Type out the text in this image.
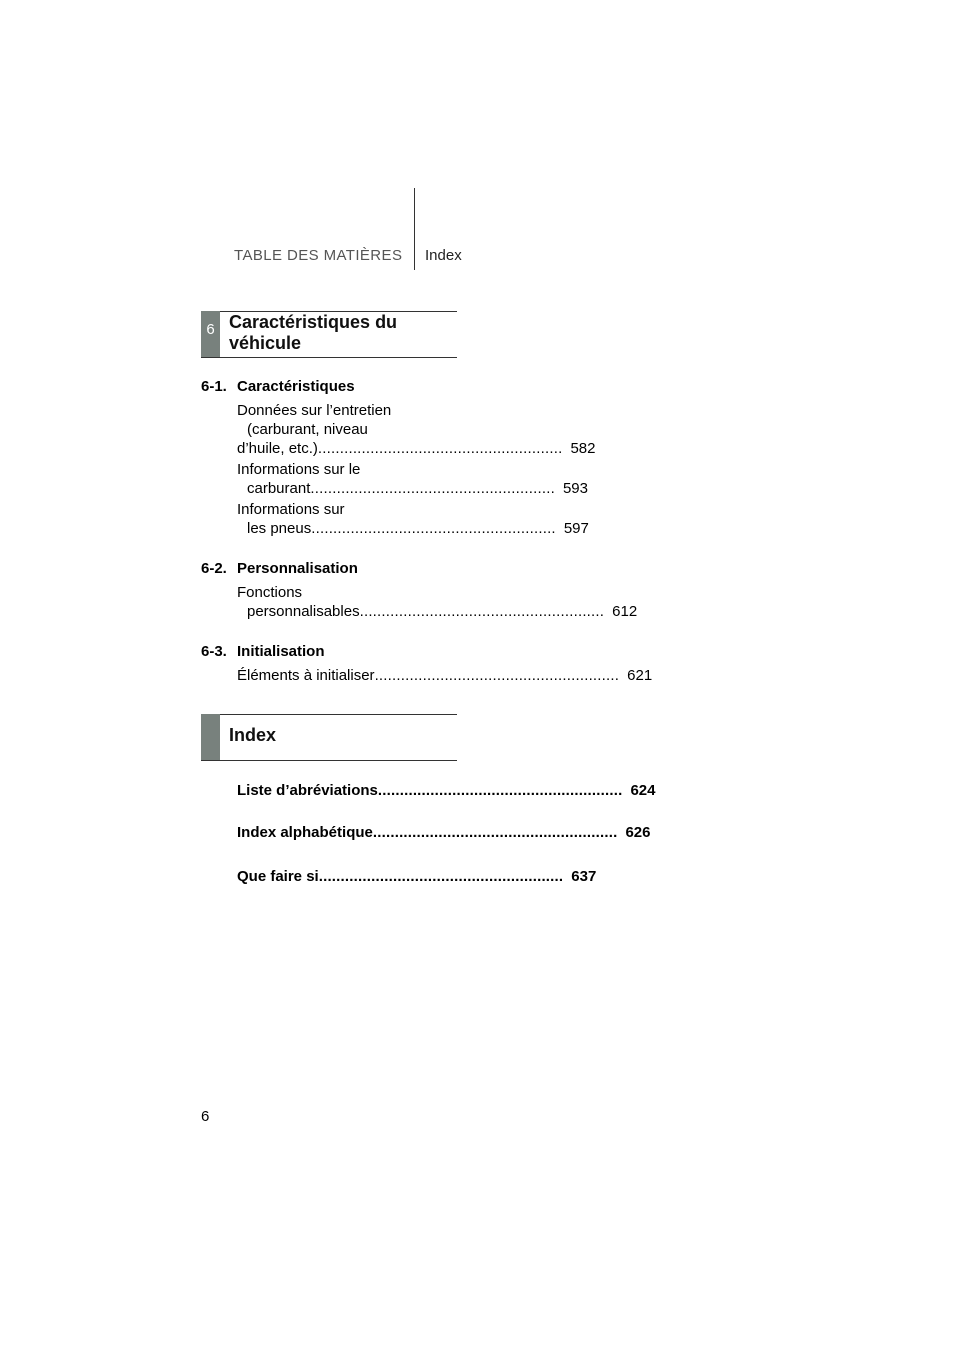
TABLE DES MATIÈRES Index
6 Caractéristiques du
véhicule
6-1. Caractéristiques
Données sur l’entretien
(carburant, niveau
d’huile, etc.) ........................................................ 582
Informations sur le
carburant ........................................................ 593
Informations sur
les pneus ........................................................ 597
6-2. Personnalisation
Fonctions
personnalisables ........................................................ 612
6-3. Initialisation
Éléments à initialiser ........................................................ 621
Index
Liste d’abréviations ........................................................ 624
Index alphabétique ........................................................ 626
Que faire si ........................................................ 637
6
